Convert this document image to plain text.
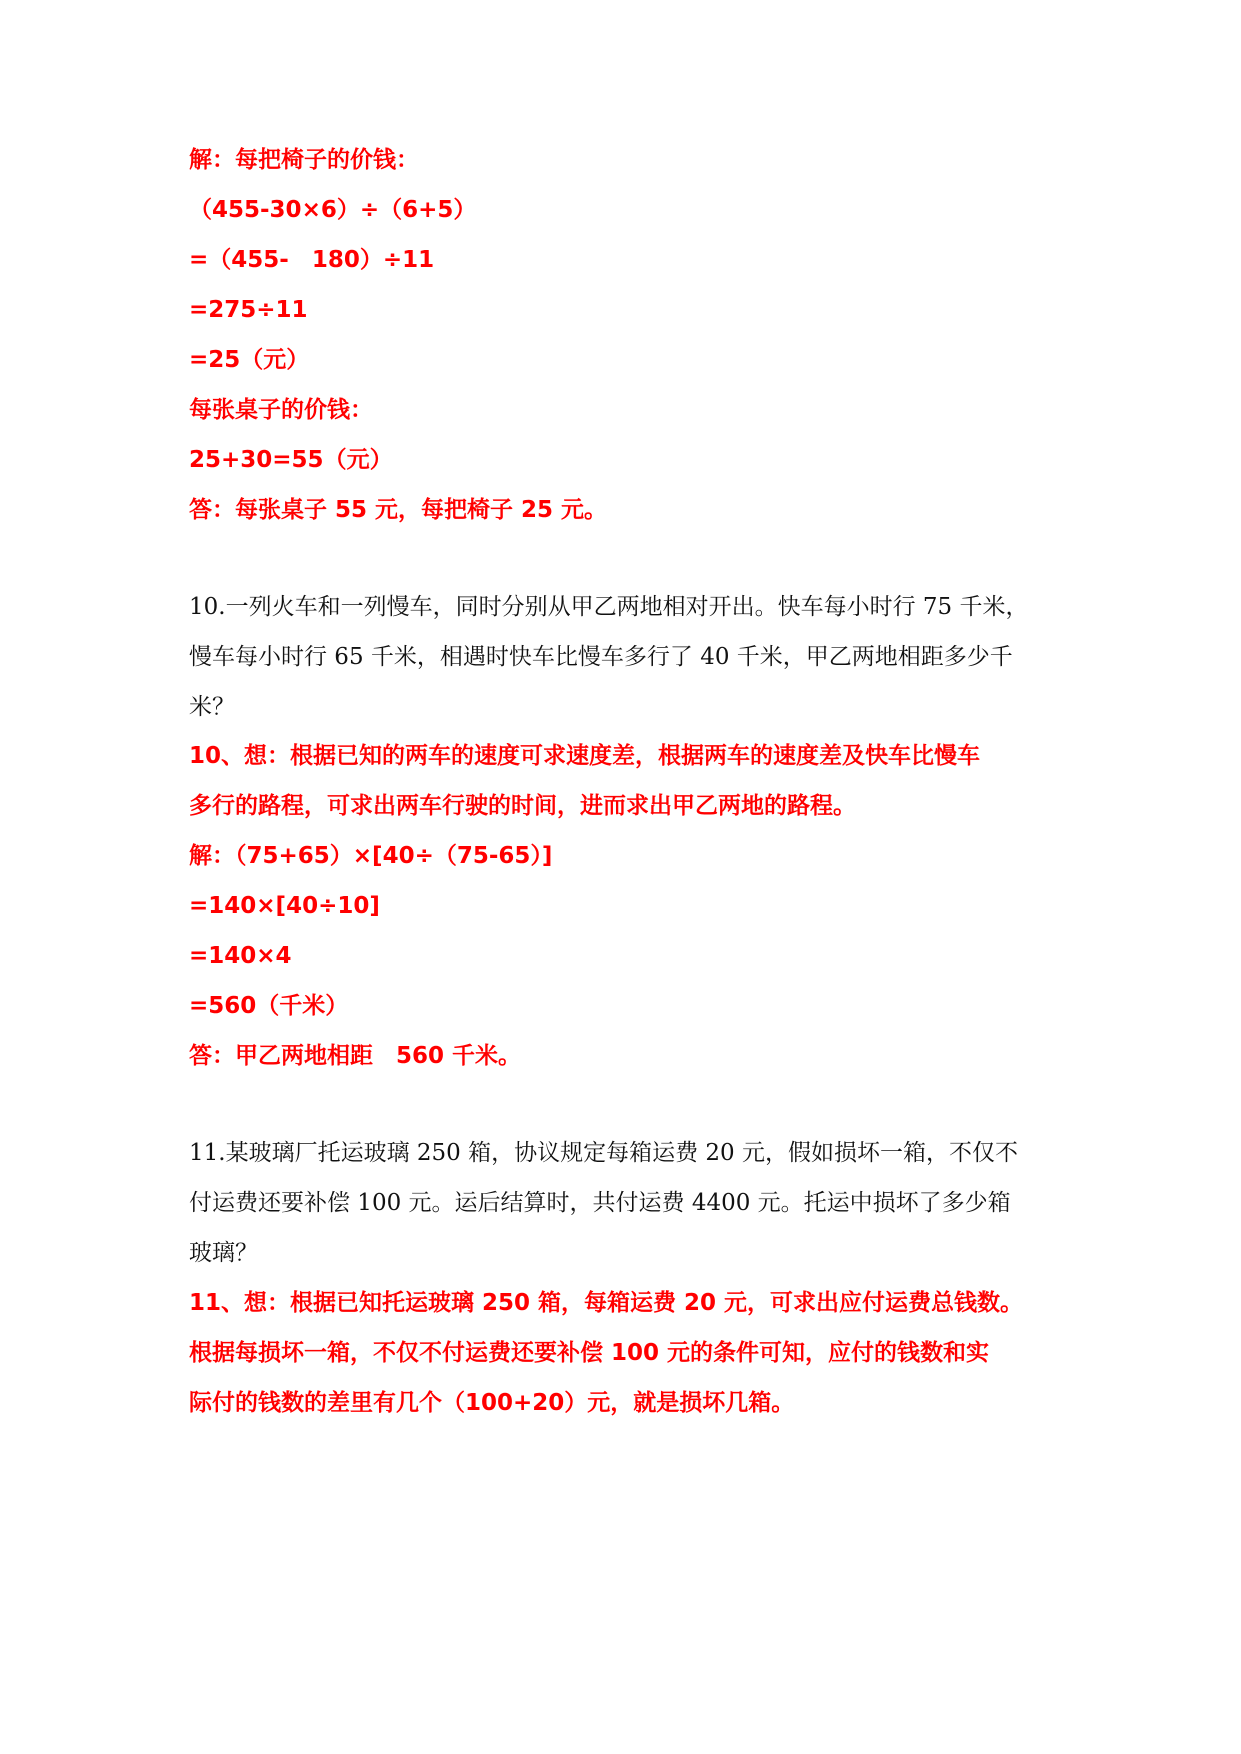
解：每把椅子的价钱：
（455-30×6）÷（6+5）
=（455-　180）÷11
=275÷11
=25（元）
每张桌子的价钱：
25+30=55（元）
答：每张桌子 55 元，每把椅子 25 元。
10.一列火车和一列慢车，同时分别从甲乙两地相对开出。快车每小时行 75 千米，
慢车每小时行 65 千米，相遇时快车比慢车多行了 40 千米，甲乙两地相距多少千
米？
10、想：根据已知的两车的速度可求速度差，根据两车的速度差及快车比慢车
多行的路程，可求出两车行驶的时间，进而求出甲乙两地的路程。
解：（75+65）×[40÷（75-65）]
=140×[40÷10]
=140×4
=560（千米）
答：甲乙两地相距　560 千米。
11.某玻璃厂托运玻璃 250 箱，协议规定每箱运费 20 元，假如损坏一箱，不仅不
付运费还要补偿 100 元。运后结算时，共付运费 4400 元。托运中损坏了多少箱
玻璃？
11、想：根据已知托运玻璃 250 箱，每箱运费 20 元，可求出应付运费总钱数。
根据每损坏一箱，不仅不付运费还要补偿 100 元的条件可知，应付的钱数和实
际付的钱数的差里有几个（100+20）元，就是损坏几箱。
